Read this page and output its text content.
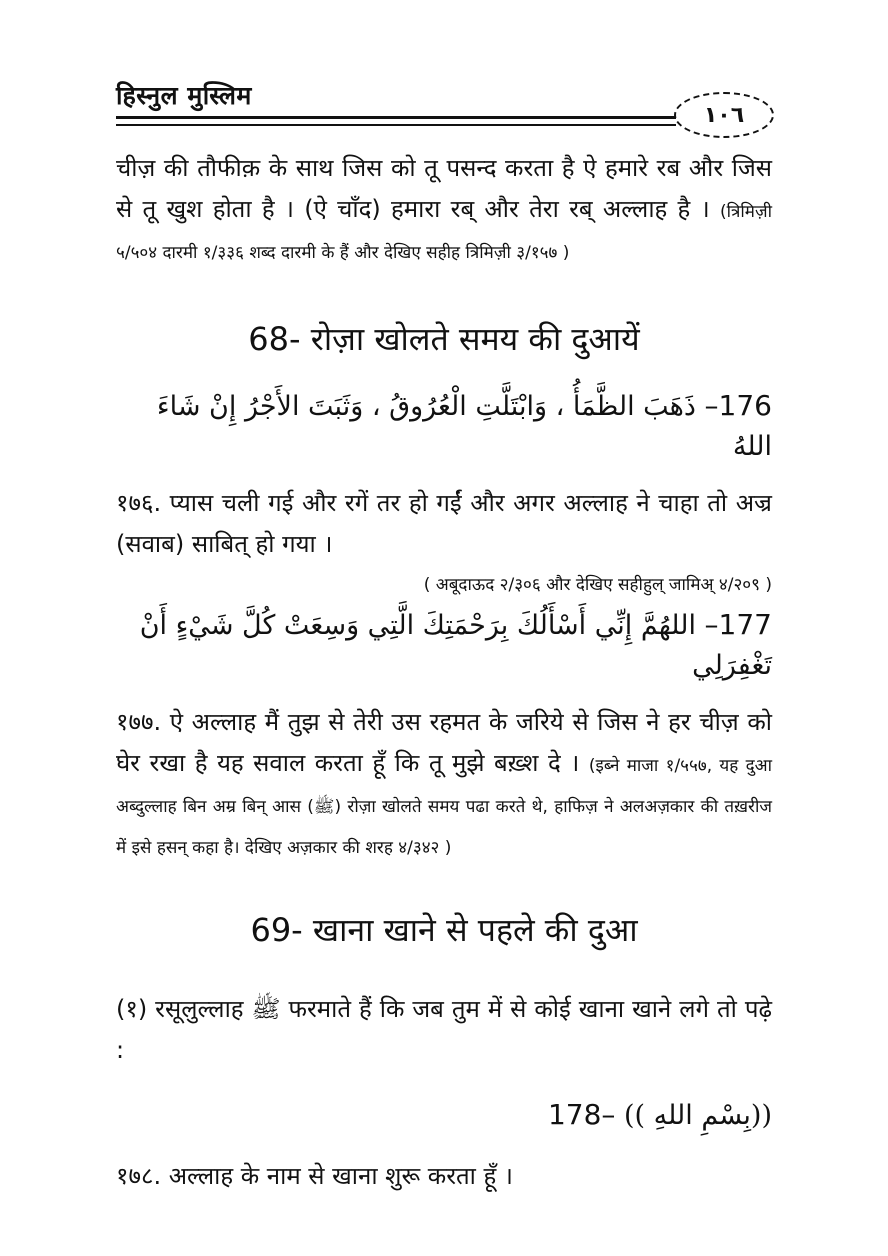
हिस्नुल मुस्लिम
١٠٦

चीज़ की तौफीक़ के साथ जिस को तू पसन्द करता है ऐ हमारे रब और जिस से तू खुश होता है । (ऐ चाँद) हमारा रब् और तेरा रब् अल्लाह है । (त्रिमिज़ी ५/५०४ दारमी १/३३६ शब्द दारमी के हैं और देखिए सहीह त्रिमिज़ी ३/१५७ )

68- रोज़ा खोलते समय की दुआयें

176– ذَهَبَ الظَّمَأُ ، وَابْتَلَّتِ الْعُرُوقُ ، وَثَبَتَ الأَجْرُ إِنْ شَاءَ اللهُ

१७६. प्यास चली गई और रगें तर हो गईं और अगर अल्लाह ने चाहा तो अज्र (सवाब) साबित् हो गया ।

( अबूदाऊद २/३०६ और देखिए सहीहुल् जामिअ् ४/२०९ )

177– اللهُمَّ إِنِّي أَسْأَلُكَ بِرَحْمَتِكَ الَّتِي وَسِعَتْ كُلَّ شَيْءٍ أَنْ تَغْفِرَلِي

१७७. ऐ अल्लाह मैं तुझ से तेरी उस रहमत के जरिये से जिस ने हर चीज़ को घेर रखा है यह सवाल करता हूँ कि तू मुझे बख़्श दे । (इब्ने माजा १/५५७, यह दुआ अब्दुल्लाह बिन अम्र बिन् आस (ﷺ) रोज़ा खोलते समय पढा करते थे, हाफिज़ ने अलअज़कार की तख़रीज में इसे हसन् कहा है। देखिए अज़कार की शरह ४/३४२ )

69- खाना खाने से पहले की दुआ

(१) रसूलुल्लाह ﷺ फरमाते हैं कि जब तुम में से कोई खाना खाने लगे तो पढ़े :

((بِسْمِ اللهِ )) –178

१७८. अल्लाह के नाम से खाना शुरू करता हूँ ।
